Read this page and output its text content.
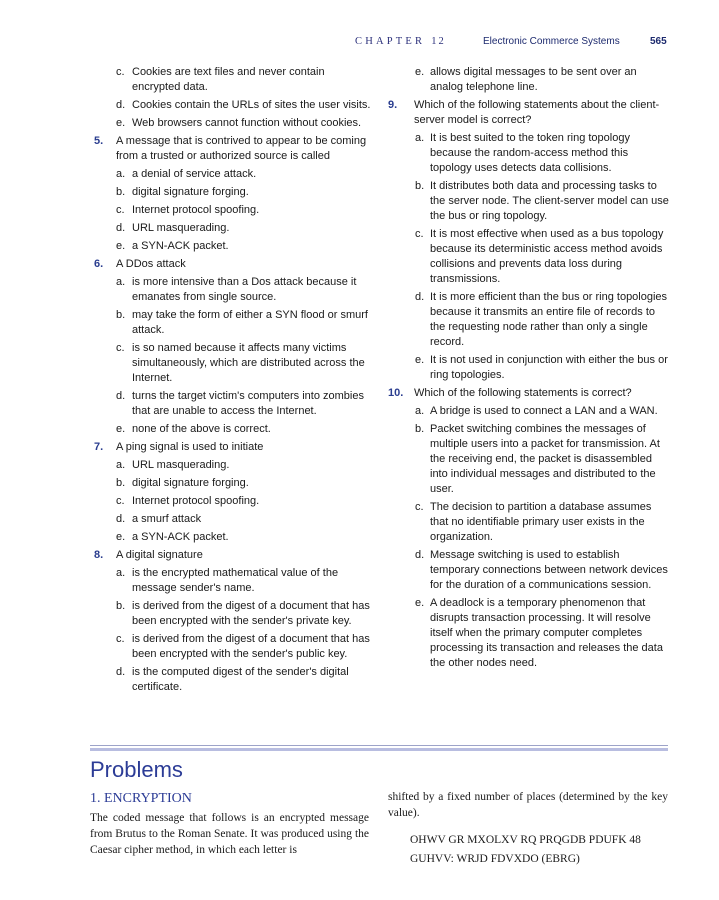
CHAPTER 12	Electronic Commerce Systems	565
c. Cookies are text files and never contain encrypted data.
d. Cookies contain the URLs of sites the user visits.
e. Web browsers cannot function without cookies.
5. A message that is contrived to appear to be coming from a trusted or authorized source is called
a. a denial of service attack.
b. digital signature forging.
c. Internet protocol spoofing.
d. URL masquerading.
e. a SYN-ACK packet.
6. A DDos attack
a. is more intensive than a Dos attack because it emanates from single source.
b. may take the form of either a SYN flood or smurf attack.
c. is so named because it affects many victims simultaneously, which are distributed across the Internet.
d. turns the target victim's computers into zombies that are unable to access the Internet.
e. none of the above is correct.
7. A ping signal is used to initiate
a. URL masquerading.
b. digital signature forging.
c. Internet protocol spoofing.
d. a smurf attack
e. a SYN-ACK packet.
8. A digital signature
a. is the encrypted mathematical value of the message sender's name.
b. is derived from the digest of a document that has been encrypted with the sender's private key.
c. is derived from the digest of a document that has been encrypted with the sender's public key.
d. is the computed digest of the sender's digital certificate.
e. allows digital messages to be sent over an analog telephone line.
9. Which of the following statements about the client-server model is correct?
a. It is best suited to the token ring topology because the random-access method this topology uses detects data collisions.
b. It distributes both data and processing tasks to the server node. The client-server model can use the bus or ring topology.
c. It is most effective when used as a bus topology because its deterministic access method avoids collisions and prevents data loss during transmissions.
d. It is more efficient than the bus or ring topologies because it transmits an entire file of records to the requesting node rather than only a single record.
e. It is not used in conjunction with either the bus or ring topologies.
10. Which of the following statements is correct?
a. A bridge is used to connect a LAN and a WAN.
b. Packet switching combines the messages of multiple users into a packet for transmission. At the receiving end, the packet is disassembled into individual messages and distributed to the user.
c. The decision to partition a database assumes that no identifiable primary user exists in the organization.
d. Message switching is used to establish temporary connections between network devices for the duration of a communications session.
e. A deadlock is a temporary phenomenon that disrupts transaction processing. It will resolve itself when the primary computer completes processing its transaction and releases the data the other nodes need.
Problems
1. ENCRYPTION
The coded message that follows is an encrypted message from Brutus to the Roman Senate. It was produced using the Caesar cipher method, in which each letter is
shifted by a fixed number of places (determined by the key value).
OHWV GR MXOLXV RQ PRQGDB PDUFK 48
GUHVV: WRJD FDVXDO (EBRG)
